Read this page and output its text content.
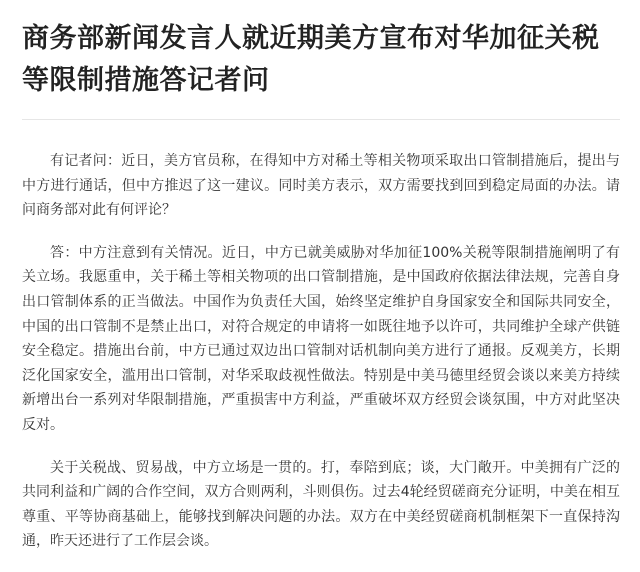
商务部新闻发言人就近期美方宣布对华加征关税等限制措施答记者问

有记者问：近日，美方官员称，在得知中方对稀土等相关物项采取出口管制措施后，提出与中方进行通话，但中方推迟了这一建议。同时美方表示，双方需要找到回到稳定局面的办法。请问商务部对此有何评论？

答：中方注意到有关情况。近日，中方已就美威胁对华加征100%关税等限制措施阐明了有关立场。我愿重申，关于稀土等相关物项的出口管制措施，是中国政府依据法律法规，完善自身出口管制体系的正当做法。中国作为负责任大国，始终坚定维护自身国家安全和国际共同安全，中国的出口管制不是禁止出口，对符合规定的申请将一如既往地予以许可，共同维护全球产供链安全稳定。措施出台前，中方已通过双边出口管制对话机制向美方进行了通报。反观美方，长期泛化国家安全，滥用出口管制，对华采取歧视性做法。特别是中美马德里经贸会谈以来美方持续新增出台一系列对华限制措施，严重损害中方利益，严重破坏双方经贸会谈氛围，中方对此坚决反对。

关于关税战、贸易战，中方立场是一贯的。打，奉陪到底；谈，大门敞开。中美拥有广泛的共同利益和广阔的合作空间，双方合则两利，斗则俱伤。过去4轮经贸磋商充分证明，中美在相互尊重、平等协商基础上，能够找到解决问题的办法。双方在中美经贸磋商机制框架下一直保持沟通，昨天还进行了工作层会谈。
